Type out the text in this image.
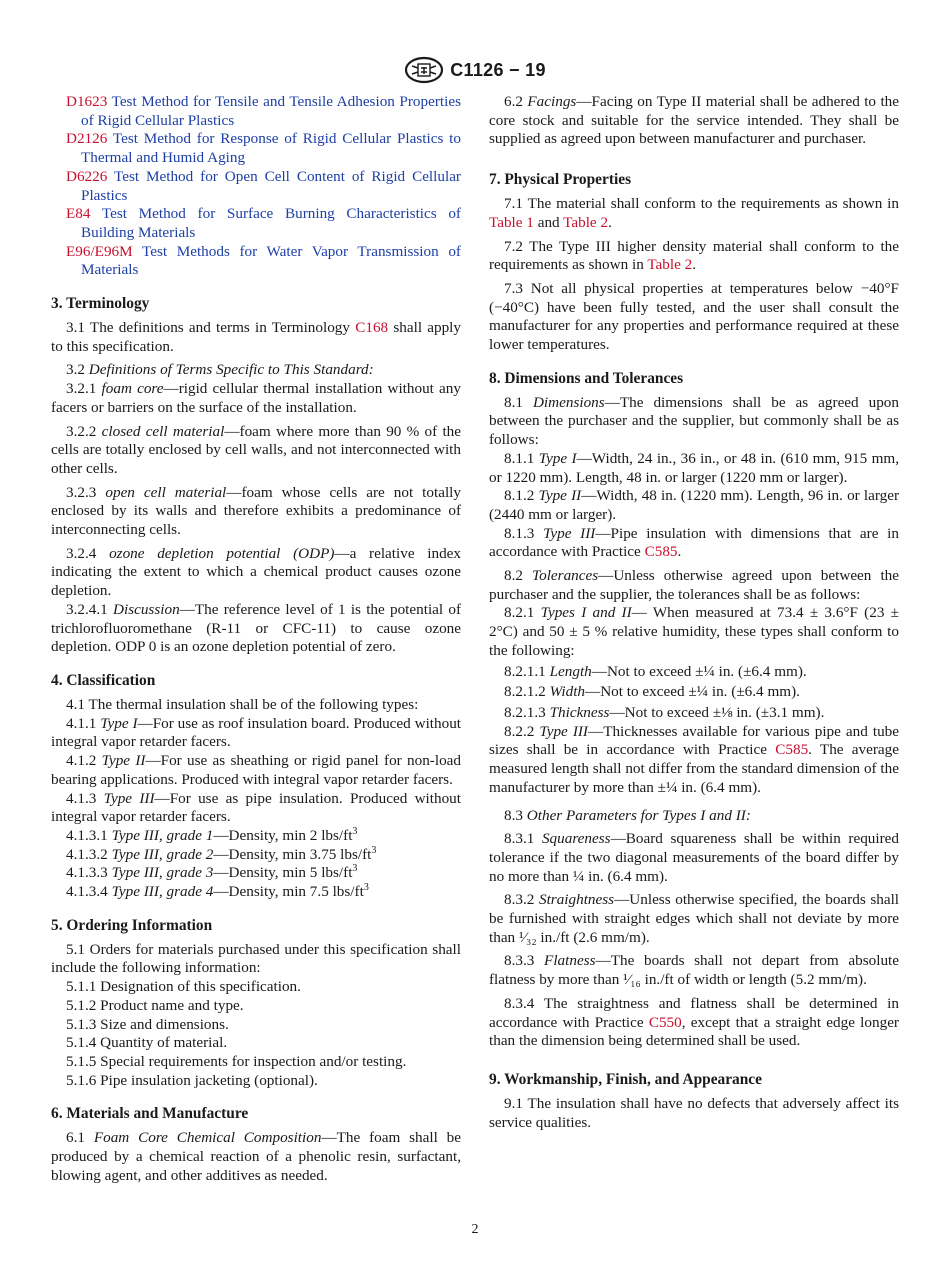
C1126 − 19

D1623 Test Method for Tensile and Tensile Adhesion Properties of Rigid Cellular Plastics

D2126 Test Method for Response of Rigid Cellular Plastics to Thermal and Humid Aging

D6226 Test Method for Open Cell Content of Rigid Cellular Plastics

E84 Test Method for Surface Burning Characteristics of Building Materials

E96/E96M Test Methods for Water Vapor Transmission of Materials

3. Terminology

3.1 The definitions and terms in Terminology C168 shall apply to this specification.

3.2 Definitions of Terms Specific to This Standard:

3.2.1 foam core—rigid cellular thermal installation without any facers or barriers on the surface of the installation.

3.2.2 closed cell material—foam where more than 90 % of the cells are totally enclosed by cell walls, and not interconnected with other cells.

3.2.3 open cell material—foam whose cells are not totally enclosed by its walls and therefore exhibits a predominance of interconnecting cells.

3.2.4 ozone depletion potential (ODP)—a relative index indicating the extent to which a chemical product causes ozone depletion.

3.2.4.1 Discussion—The reference level of 1 is the potential of trichlorofluoromethane (R-11 or CFC-11) to cause ozone depletion. ODP 0 is an ozone depletion potential of zero.

4. Classification

4.1 The thermal insulation shall be of the following types:

4.1.1 Type I—For use as roof insulation board. Produced without integral vapor retarder facers.

4.1.2 Type II—For use as sheathing or rigid panel for non-load bearing applications. Produced with integral vapor retarder facers.

4.1.3 Type III—For use as pipe insulation. Produced without integral vapor retarder facers.

4.1.3.1 Type III, grade 1—Density, min 2 lbs/$ft^3$

4.1.3.2 Type III, grade 2—Density, min 3.75 lbs/$ft^3$

4.1.3.3 Type III, grade 3—Density, min 5 lbs/$ft^3$

4.1.3.4 Type III, grade 4—Density, min 7.5 lbs/$ft^3$

5. Ordering Information

5.1 Orders for materials purchased under this specification shall include the following information:

5.1.1 Designation of this specification.

5.1.2 Product name and type.

5.1.3 Size and dimensions.

5.1.4 Quantity of material.

5.1.5 Special requirements for inspection and/or testing.

5.1.6 Pipe insulation jacketing (optional).

6. Materials and Manufacture

6.1 Foam Core Chemical Composition—The foam shall be produced by a chemical reaction of a phenolic resin, surfactant, blowing agent, and other additives as needed.

6.2 Facings—Facing on Type II material shall be adhered to the core stock and suitable for the service intended. They shall be supplied as agreed upon between manufacturer and purchaser.

7. Physical Properties

7.1 The material shall conform to the requirements as shown in Table 1 and Table 2.

7.2 The Type III higher density material shall conform to the requirements as shown in Table 2.

7.3 Not all physical properties at temperatures below −40°F (−40°C) have been fully tested, and the user shall consult the manufacturer for any properties and performance required at these lower temperatures.

8. Dimensions and Tolerances

8.1 Dimensions—The dimensions shall be as agreed upon between the purchaser and the supplier, but commonly shall be as follows:

8.1.1 Type I—Width, 24 in., 36 in., or 48 in. (610 mm, 915 mm, or 1220 mm). Length, 48 in. or larger (1220 mm or larger).

8.1.2 Type II—Width, 48 in. (1220 mm). Length, 96 in. or larger (2440 mm or larger).

8.1.3 Type III—Pipe insulation with dimensions that are in accordance with Practice C585.

8.2 Tolerances—Unless otherwise agreed upon between the purchaser and the supplier, the tolerances shall be as follows:

8.2.1 Types I and II— When measured at 73.4 ± 3.6°F (23 ± 2°C) and 50 ± 5 % relative humidity, these types shall conform to the following:

8.2.1.1 Length—Not to exceed ±¼ in. (±6.4 mm).

8.2.1.2 Width—Not to exceed ±¼ in. (±6.4 mm).

8.2.1.3 Thickness—Not to exceed ±⅛ in. (±3.1 mm).

8.2.2 Type III—Thicknesses available for various pipe and tube sizes shall be in accordance with Practice C585. The average measured length shall not differ from the standard dimension of the manufacturer by more than ±¼ in. (6.4 mm).

8.3 Other Parameters for Types I and II:

8.3.1 Squareness—Board squareness shall be within required tolerance if the two diagonal measurements of the board differ by no more than ¼ in. (6.4 mm).

8.3.2 Straightness—Unless otherwise specified, the boards shall be furnished with straight edges which shall not deviate by more than ¹⁄₃₂ in./ft (2.6 mm/m).

8.3.3 Flatness—The boards shall not depart from absolute flatness by more than ¹⁄₁₆ in./ft of width or length (5.2 mm/m).

8.3.4 The straightness and flatness shall be determined in accordance with Practice C550, except that a straight edge longer than the dimension being determined shall be used.

9. Workmanship, Finish, and Appearance

9.1 The insulation shall have no defects that adversely affect its service qualities.

2
